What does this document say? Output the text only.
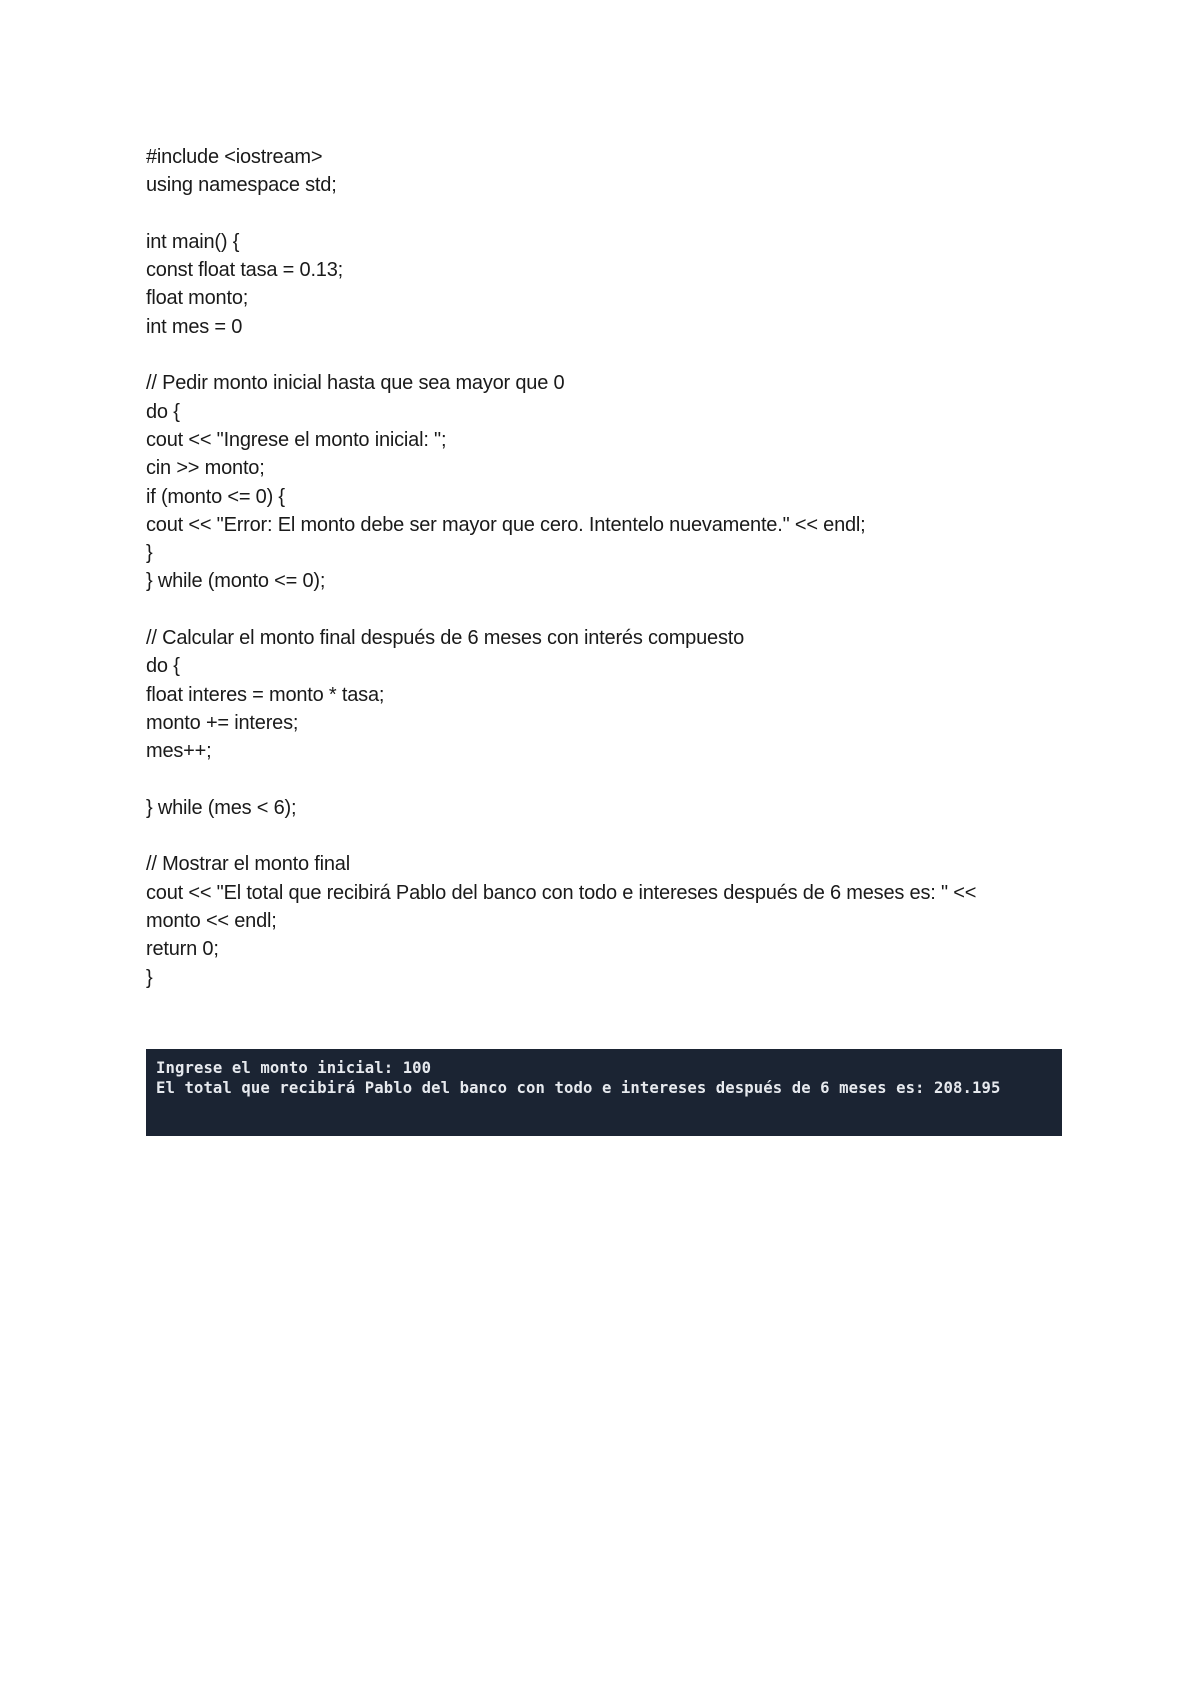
#include <iostream>
using namespace std;
int main() {
const float tasa = 0.13;
float monto;
int mes = 0
// Pedir monto inicial hasta que sea mayor que 0
do {
cout << "Ingrese el monto inicial: ";
cin >> monto;
if (monto <= 0) {
cout << "Error: El monto debe ser mayor que cero. Intentelo nuevamente." << endl;
}
} while (monto <= 0);
// Calcular el monto final después de 6 meses con interés compuesto
do {
float interes = monto * tasa;
monto += interes;
mes++;
} while (mes < 6);
// Mostrar el monto final
cout << "El total que recibirá Pablo del banco con todo e intereses después de 6 meses es: " <<
monto << endl;
return 0;
}
Ingrese el monto inicial: 100
El total que recibirá Pablo del banco con todo e intereses después de 6 meses es: 208.195
